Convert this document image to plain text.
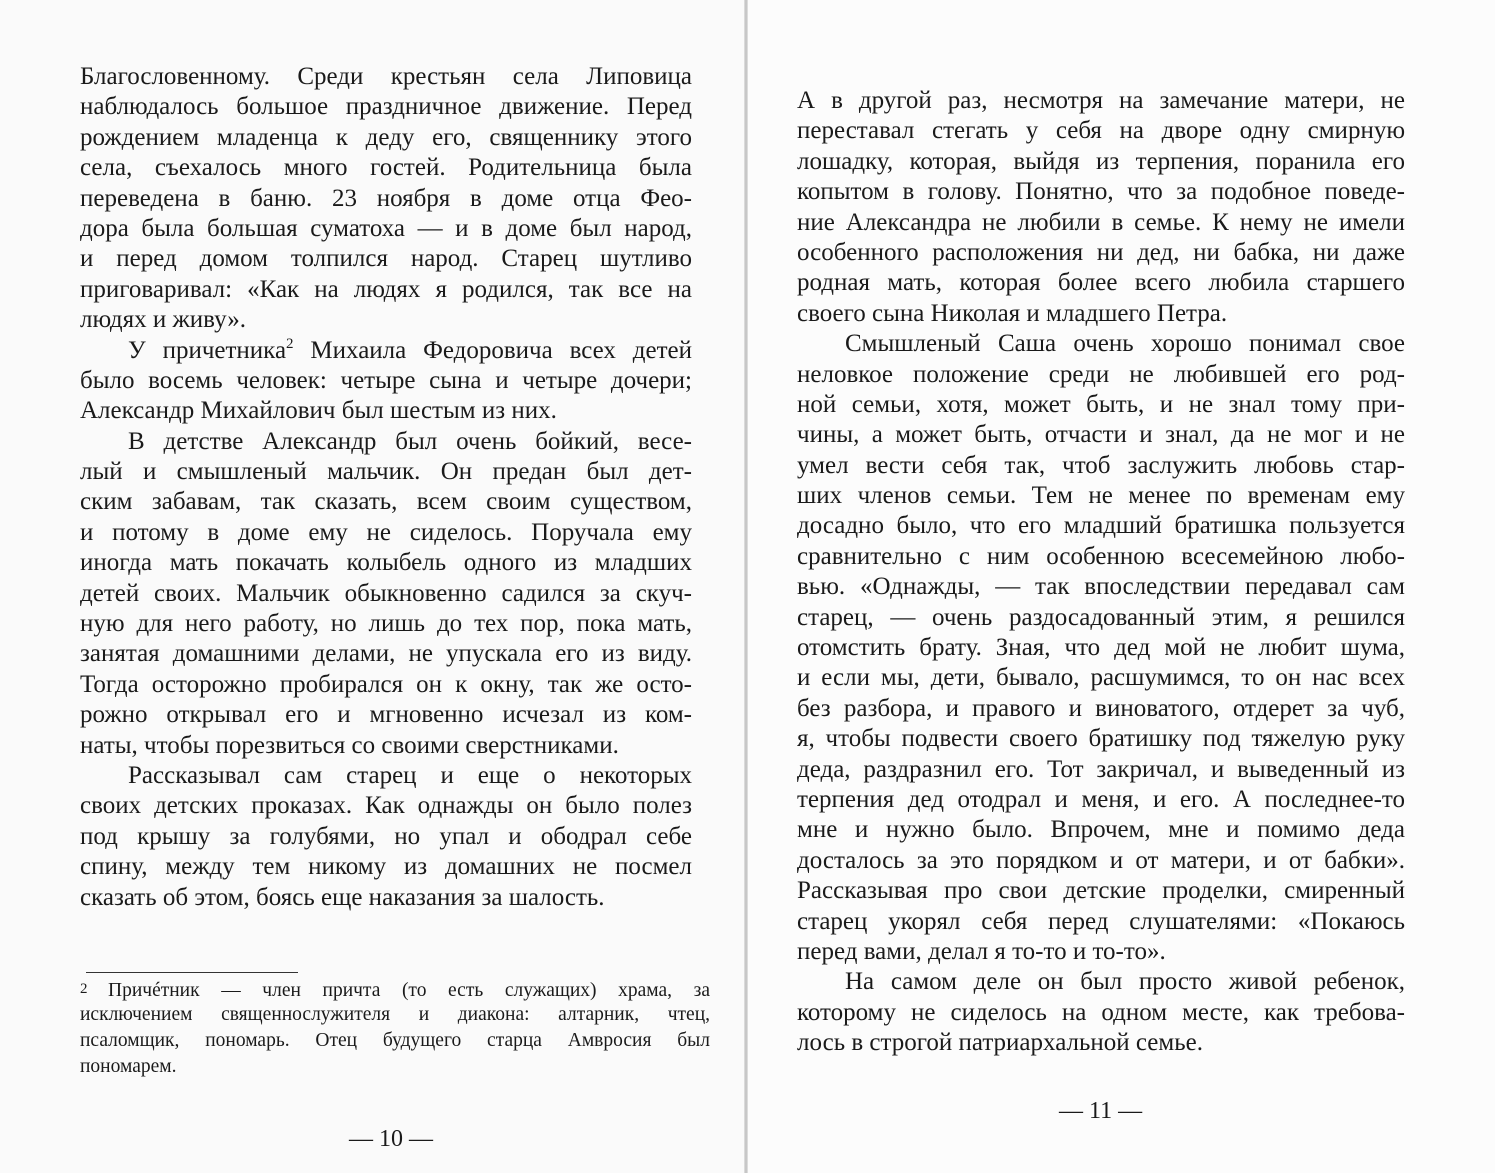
Благословенному. Среди крестьян села Липовица
наблюдалось большое праздничное движение. Перед
рождением младенца к деду его, священнику этого
села, съехалось много гостей. Родительница была
переведена в баню. 23 ноября в доме отца Фео-
дора была большая суматоха — и в доме был народ,
и перед домом толпился народ. Старец шутливо
приговаривал: «Как на людях я родился, так все на
людях и живу».
У причетника$^2$ Михаила Федоровича всех детей
было восемь человек: четыре сына и четыре дочери;
Александр Михайлович был шестым из них.
В детстве Александр был очень бойкий, весе-
лый и смышленый мальчик. Он предан был дет-
ским забавам, так сказать, всем своим существом,
и потому в доме ему не сиделось. Поручала ему
иногда мать покачать колыбель одного из младших
детей своих. Мальчик обыкновенно садился за скуч-
ную для него работу, но лишь до тех пор, пока мать,
занятая домашними делами, не упускала его из виду.
Тогда осторожно пробирался он к окну, так же осто-
рожно открывал его и мгновенно исчезал из ком-
наты, чтобы порезвиться со своими сверстниками.
Рассказывал сам старец и еще о некоторых
своих детских проказах. Как однажды он было полез
под крышу за голубями, но упал и ободрал себе
спину, между тем никому из домашних не посмел
сказать об этом, боясь еще наказания за шалость.
2 Причéтник — член причта (то есть служащих) храма, за
исключением священнослужителя и диакона: алтарник, чтец,
псаломщик, пономарь. Отец будущего старца Амвросия был
пономарем.
— 10 —
А в другой раз, несмотря на замечание матери, не
переставал стегать у себя на дворе одну смирную
лошадку, которая, выйдя из терпения, поранила его
копытом в голову. Понятно, что за подобное поведе-
ние Александра не любили в семье. К нему не имели
особенного расположения ни дед, ни бабка, ни даже
родная мать, которая более всего любила старшего
своего сына Николая и младшего Петра.
Смышленый Саша очень хорошо понимал свое
неловкое положение среди не любившей его род-
ной семьи, хотя, может быть, и не знал тому при-
чины, а может быть, отчасти и знал, да не мог и не
умел вести себя так, чтоб заслужить любовь стар-
ших членов семьи. Тем не менее по временам ему
досадно было, что его младший братишка пользуется
сравнительно с ним особенною всесемейною любо-
вью. «Однажды, — так впоследствии передавал сам
старец, — очень раздосадованный этим, я решился
отомстить брату. Зная, что дед мой не любит шума,
и если мы, дети, бывало, расшумимся, то он нас всех
без разбора, и правого и виноватого, отдерет за чуб,
я, чтобы подвести своего братишку под тяжелую руку
деда, раздразнил его. Тот закричал, и выведенный из
терпения дед отодрал и меня, и его. А последнее-то
мне и нужно было. Впрочем, мне и помимо деда
досталось за это порядком и от матери, и от бабки».
Рассказывая про свои детские проделки, смиренный
старец укорял себя перед слушателями: «Покаюсь
перед вами, делал я то-то и то-то».
На самом деле он был просто живой ребенок,
которому не сиделось на одном месте, как требова-
лось в строгой патриархальной семье.
— 11 —
